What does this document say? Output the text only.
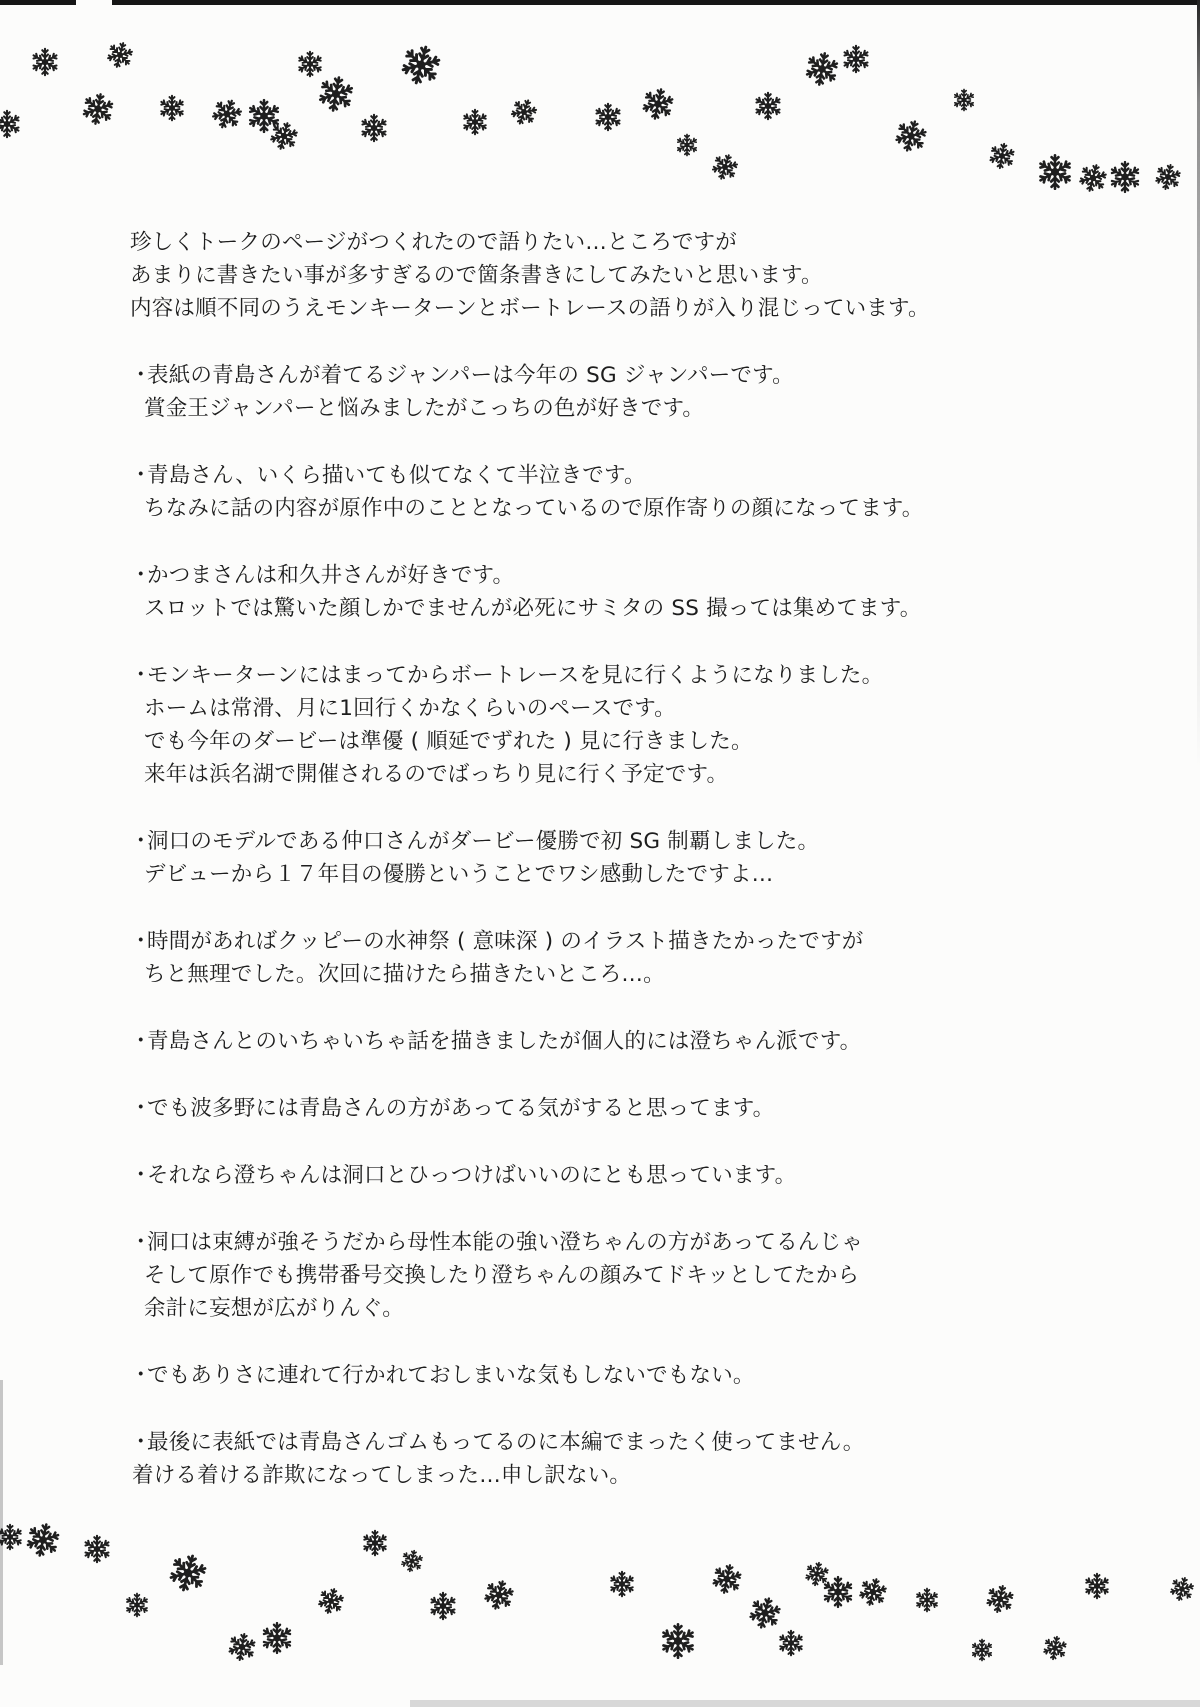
珍しくトークのページがつくれたので語りたい…ところですが
あまりに書きたい事が多すぎるので箇条書きにしてみたいと思います。
内容は順不同のうえモンキーターンとボートレースの語りが入り混じっています。
・表紙の青島さんが着てるジャンパーは今年の SG ジャンパーです。
賞金王ジャンパーと悩みましたがこっちの色が好きです。
・青島さん、いくら描いても似てなくて半泣きです。
ちなみに話の内容が原作中のこととなっているので原作寄りの顔になってます。
・かつまさんは和久井さんが好きです。
スロットでは驚いた顔しかでませんが必死にサミタの SS 撮っては集めてます。
・モンキーターンにはまってからボートレースを見に行くようになりました。
ホームは常滑、月に1回行くかなくらいのペースです。
でも今年のダービーは準優 ( 順延でずれた ) 見に行きました。
来年は浜名湖で開催されるのでばっちり見に行く予定です。
・洞口のモデルである仲口さんがダービー優勝で初 SG 制覇しました。
デビューから１７年目の優勝ということでワシ感動したですよ…
・時間があればクッピーの水神祭 ( 意味深 ) のイラスト描きたかったですが
ちと無理でした。次回に描けたら描きたいところ…。
・青島さんとのいちゃいちゃ話を描きましたが個人的には澄ちゃん派です。
・でも波多野には青島さんの方があってる気がすると思ってます。
・それなら澄ちゃんは洞口とひっつけばいいのにとも思っています。
・洞口は束縛が強そうだから母性本能の強い澄ちゃんの方があってるんじゃ
そして原作でも携帯番号交換したり澄ちゃんの顔みてドキッとしてたから
余計に妄想が広がりんぐ。
・でもありさに連れて行かれておしまいな気もしないでもない。
・最後に表紙では青島さんゴムもってるのに本編でまったく使ってません。
着ける着ける詐欺になってしまった…申し訳ない。
